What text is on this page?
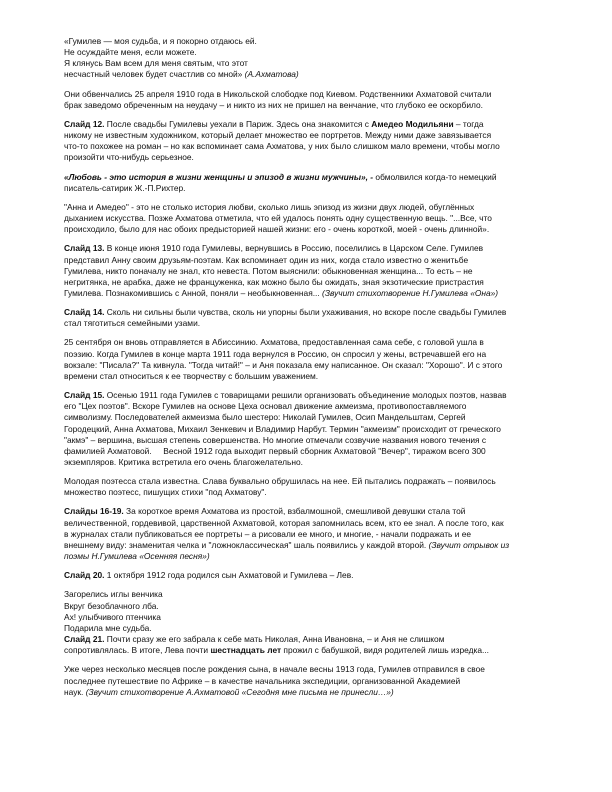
«Гумилев — моя судьба, и я покорно отдаюсь ей.
Не осуждайте меня, если можете.
Я клянусь Вам всем для меня святым, что этот
несчастный человек будет счастлив со мной» (А.Ахматова)
Они обвенчались 25 апреля 1910 года в Никольской слободке под Киевом. Родственники Ахматовой считали
брак заведомо обреченным на неудачу – и никто из них не пришел на венчание, что глубоко ее оскорбило.
Слайд 12. После свадьбы Гумилевы уехали в Париж. Здесь она знакомится с Амедео Модильяни – тогда
никому не известным художником, который делает множество ее портретов. Между ними даже завязывается
что-то похожее на роман – но как вспоминает сама Ахматова, у них было слишком мало времени, чтобы могло
произойти что-нибудь серьезное.
«Любовь - это история в жизни женщины и эпизод в жизни мужчины», - обмолвился когда-то немецкий
писатель-сатирик Ж.-П.Рихтер.
"Анна и Амедео" - это не столько история любви, сколько лишь эпизод из жизни двух людей, обуглённых
дыханием искусства. Позже Ахматова отметила, что ей удалось понять одну существенную вещь. "...Все, что
происходило, было для нас обоих предысторией нашей жизни: его - очень короткой, моей - очень длинной».
Слайд 13. В конце июня 1910 года Гумилевы, вернувшись в Россию, поселились в Царском Селе. Гумилев
представил Анну своим друзьям-поэтам. Как вспоминает один из них, когда стало известно о женитьбе
Гумилева, никто поначалу не знал, кто невеста. Потом выяснили: обыкновенная женщина... То есть – не
негритянка, не арабка, даже не француженка, как можно было бы ожидать, зная экзотические пристрастия
Гумилева. Познакомившись с Анной, поняли – необыкновенная... (Звучит стихотворение Н.Гумилева «Она»)
Слайд 14. Сколь ни сильны были чувства, сколь ни упорны были ухаживания, но вскоре после свадьбы Гумилев
стал тяготиться семейными узами.
25 сентября он вновь отправляется в Абиссинию. Ахматова, предоставленная сама себе, с головой ушла в
поэзию. Когда Гумилев в конце марта 1911 года вернулся в Россию, он спросил у жены, встречавшей его на
вокзале: "Писала?" Та кивнула. "Тогда читай!" – и Аня показала ему написанное. Он сказал: "Хорошо". И с этого
времени стал относиться к ее творчеству с большим уважением.
Слайд 15. Осенью 1911 года Гумилев с товарищами решили организовать объединение молодых поэтов, назвав
его "Цех поэтов". Вскоре Гумилев на основе Цеха основал движение акмеизма, противопоставляемого
символизму. Последователей акмеизма было шестеро: Николай Гумилев, Осип Мандельштам, Сергей
Городецкий, Анна Ахматова, Михаил Зенкевич и Владимир Нарбут. Термин "акмеизм" происходит от греческого
"акмэ" – вершина, высшая степень совершенства. Но многие отмечали созвучие названия нового течения с
фамилией Ахматовой.     Весной 1912 года выходит первый сборник Ахматовой "Вечер", тиражом всего 300
экземпляров. Критика встретила его очень благожелательно.
Молодая поэтесса стала известна. Слава буквально обрушилась на нее. Ей пытались подражать – появилось
множество поэтесс, пишущих стихи "под Ахматову".
Слайды 16-19. За короткое время Ахматова из простой, взбалмошной, смешливой девушки стала той
величественной, гордевивой, царственной Ахматовой, которая запомнилась всем, кто ее знал. А после того, как
в журналах стали публиковаться ее портреты – а рисовали ее много, и многие, - начали подражать и ее
внешнему виду: знаменитая челка и "ложноклассическая" шаль появились у каждой второй. (Звучит отрывок из
поэмы Н.Гумилева «Осенняя песня»)
Слайд 20. 1 октября 1912 года родился сын Ахматовой и Гумилева – Лев.
Загорелись иглы венчика
Вкруг безоблачного лба.
Ах! улыбчивого птенчика
Подарила мне судьба.
Слайд 21. Почти сразу же его забрала к себе мать Николая, Анна Ивановна, – и Аня не слишком
сопротивлялась. В итоге, Лева почти шестнадцать лет прожил с бабушкой, видя родителей лишь изредка...
Уже через несколько месяцев после рождения сына, в начале весны 1913 года, Гумилев отправился в свое
последнее путешествие по Африке – в качестве начальника экспедиции, организованной Академией
наук. (Звучит стихотворение А.Ахматовой «Сегодня мне письма не принесли…»)
